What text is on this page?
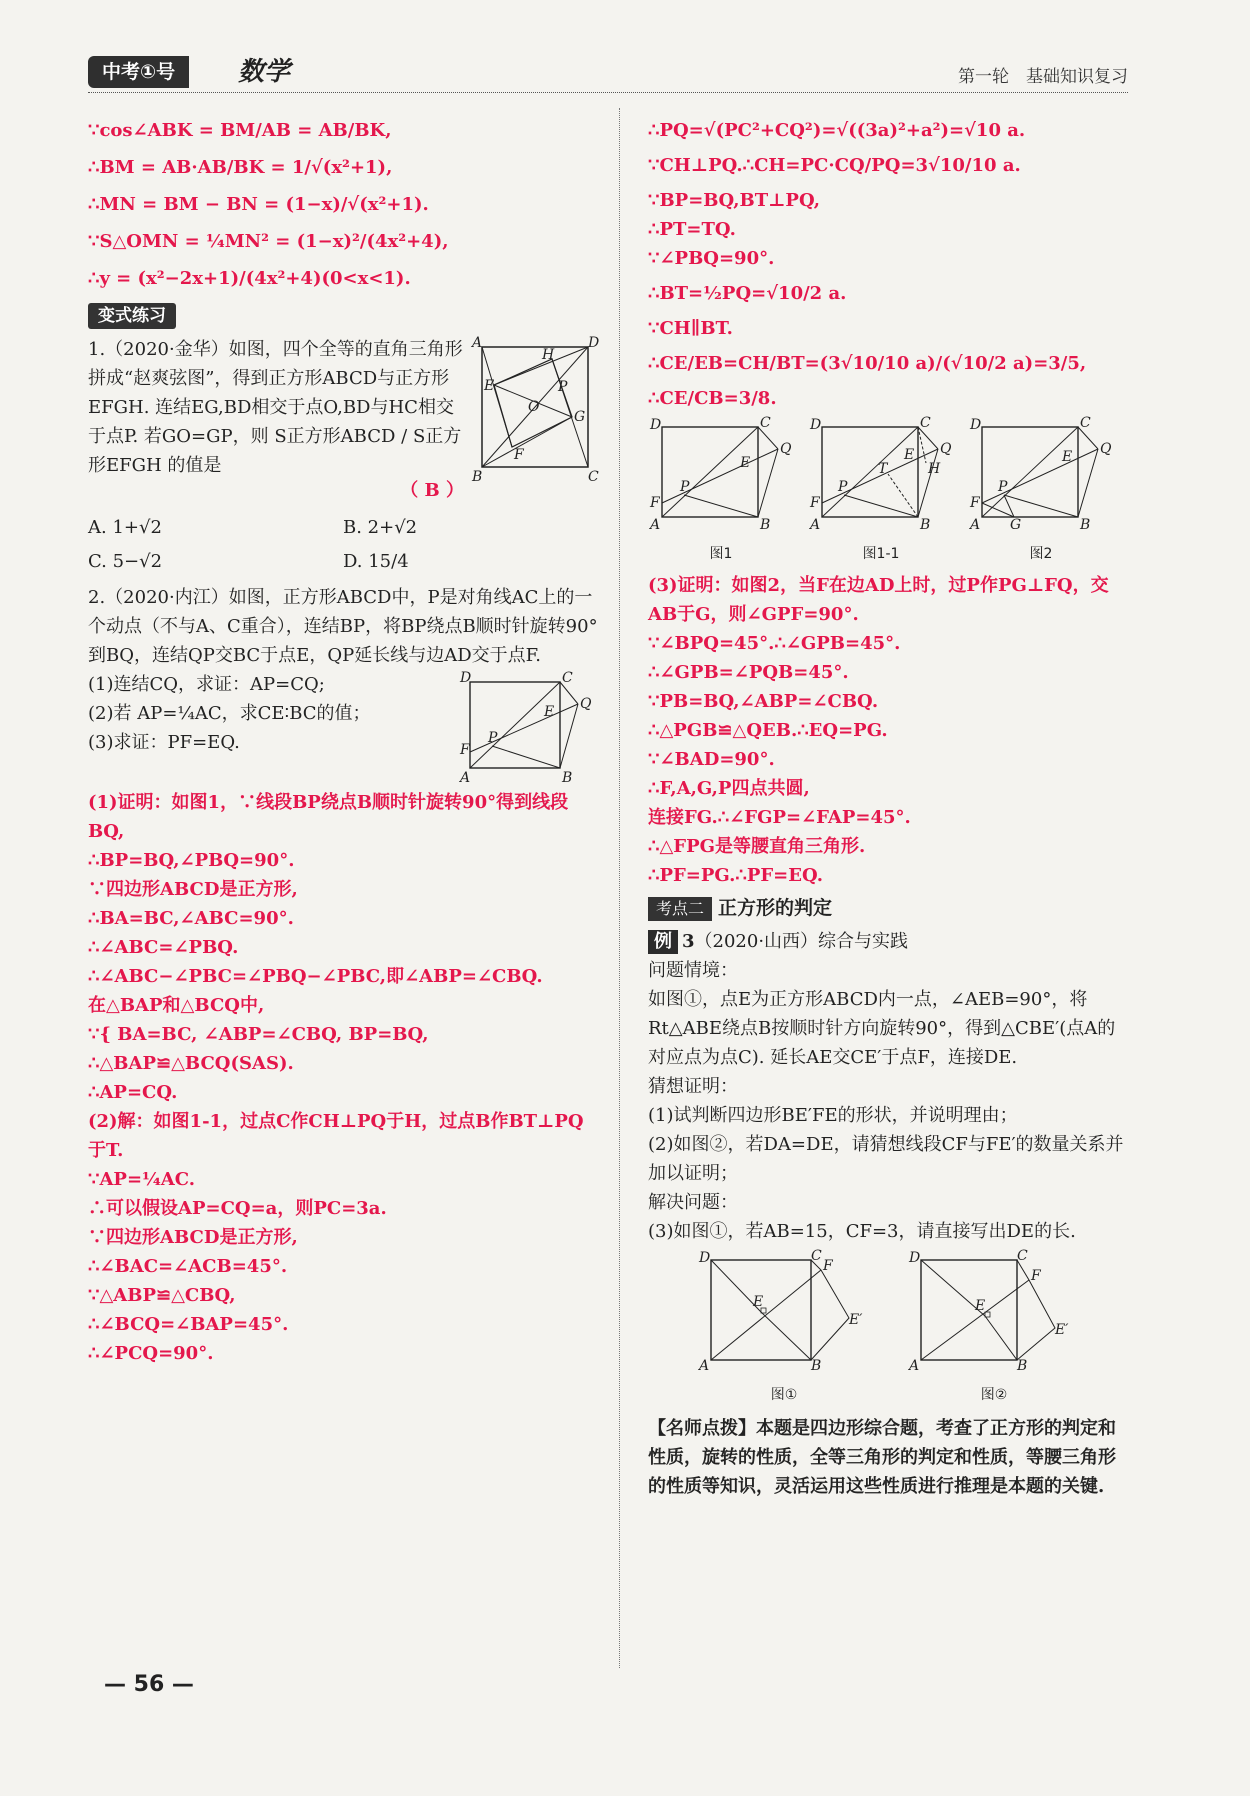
中考①号	数学	第一轮　基础知识复习
∵cos∠ABK = BM/AB = AB/BK,
∴BM = AB·AB/BK = 1/√(x²+1),
∴MN = BM − BN = (1−x)/√(x²+1).
∵S△OMN = ¼MN² = (1−x)²/(4x²+4),
∴y = (x²−2x+1)/(4x²+4)(0<x<1).
变式练习
A	D
B	C
E
F
G
H
O
P
1.（2020·金华）如图，四个全等的直角三角形拼成“赵爽弦图”，得到正方形ABCD与正方形EFGH. 连结EG,BD相交于点O,BD与HC相交于点P. 若GO=GP，则 S正方形ABCD / S正方形EFGH 的值是
（ B ）
A. 1+√2	B. 2+√2
C. 5−√2	D. 15/4
2.（2020·内江）如图，正方形ABCD中，P是对角线AC上的一个动点（不与A、C重合），连结BP，将BP绕点B顺时针旋转90°到BQ，连结QP交BC于点E，QP延长线与边AD交于点F.
D	C
A	B
Q
E
F
P
(1)连结CQ，求证：AP=CQ;
(2)若 AP=¼AC，求CE∶BC的值；
(3)求证：PF=EQ.
(1)证明：如图1，∵线段BP绕点B顺时针旋转90°得到线段BQ,
∴BP=BQ,∠PBQ=90°.
∵四边形ABCD是正方形,
∴BA=BC,∠ABC=90°.
∴∠ABC=∠PBQ.
∴∠ABC−∠PBC=∠PBQ−∠PBC,即∠ABP=∠CBQ.
在△BAP和△BCQ中,
∵{ BA=BC, ∠ABP=∠CBQ, BP=BQ,
∴△BAP≌△BCQ(SAS).
∴AP=CQ.
(2)解：如图1-1，过点C作CH⊥PQ于H，过点B作BT⊥PQ于T.
∵AP=¼AC.
∴可以假设AP=CQ=a，则PC=3a.
∵四边形ABCD是正方形,
∴∠BAC=∠ACB=45°.
∵△ABP≌△CBQ,
∴∠BCQ=∠BAP=45°.
∴∠PCQ=90°.
∴PQ=√(PC²+CQ²)=√((3a)²+a²)=√10 a.
∵CH⊥PQ.∴CH=PC·CQ/PQ=3√10/10 a.
∵BP=BQ,BT⊥PQ,
∴PT=TQ.
∵∠PBQ=90°.
∴BT=½PQ=√10/2 a.
∵CH∥BT.
∴CE/EB=CH/BT=(3√10/10 a)/(√10/2 a)=3/5,
∴CE/CB=3/8.
D	C
A	B
Q
E
F
P
图1
D	C
A	B
Q
E
F
P
T	H
图1-1
D	C
A	B
Q
E
F
P
G
图2
(3)证明：如图2，当F在边AD上时，过P作PG⊥FQ，交AB于G，则∠GPF=90°.
∵∠BPQ=45°.∴∠GPB=45°.
∴∠GPB=∠PQB=45°.
∵PB=BQ,∠ABP=∠CBQ.
∴△PGB≌△QEB.∴EQ=PG.
∵∠BAD=90°.
∴F,A,G,P四点共圆,
连接FG.∴∠FGP=∠FAP=45°.
∴△FPG是等腰直角三角形.
∴PF=PG.∴PF=EQ.
考点二 正方形的判定
例 3（2020·山西）综合与实践
问题情境：
如图①，点E为正方形ABCD内一点，∠AEB=90°，将Rt△ABE绕点B按顺时针方向旋转90°，得到△CBE′(点A的对应点为点C). 延长AE交CE′于点F，连接DE.
猜想证明：
(1)试判断四边形BE′FE的形状，并说明理由；
(2)如图②，若DA=DE，请猜想线段CF与FE′的数量关系并加以证明；
解决问题：
(3)如图①，若AB=15，CF=3，请直接写出DE的长.
D	C
A	B
F
E
E′
图①
D	C
A	B
F
E
E′
图②
【名师点拨】本题是四边形综合题，考查了正方形的判定和性质，旋转的性质，全等三角形的判定和性质，等腰三角形的性质等知识，灵活运用这些性质进行推理是本题的关键.
— 56 —
